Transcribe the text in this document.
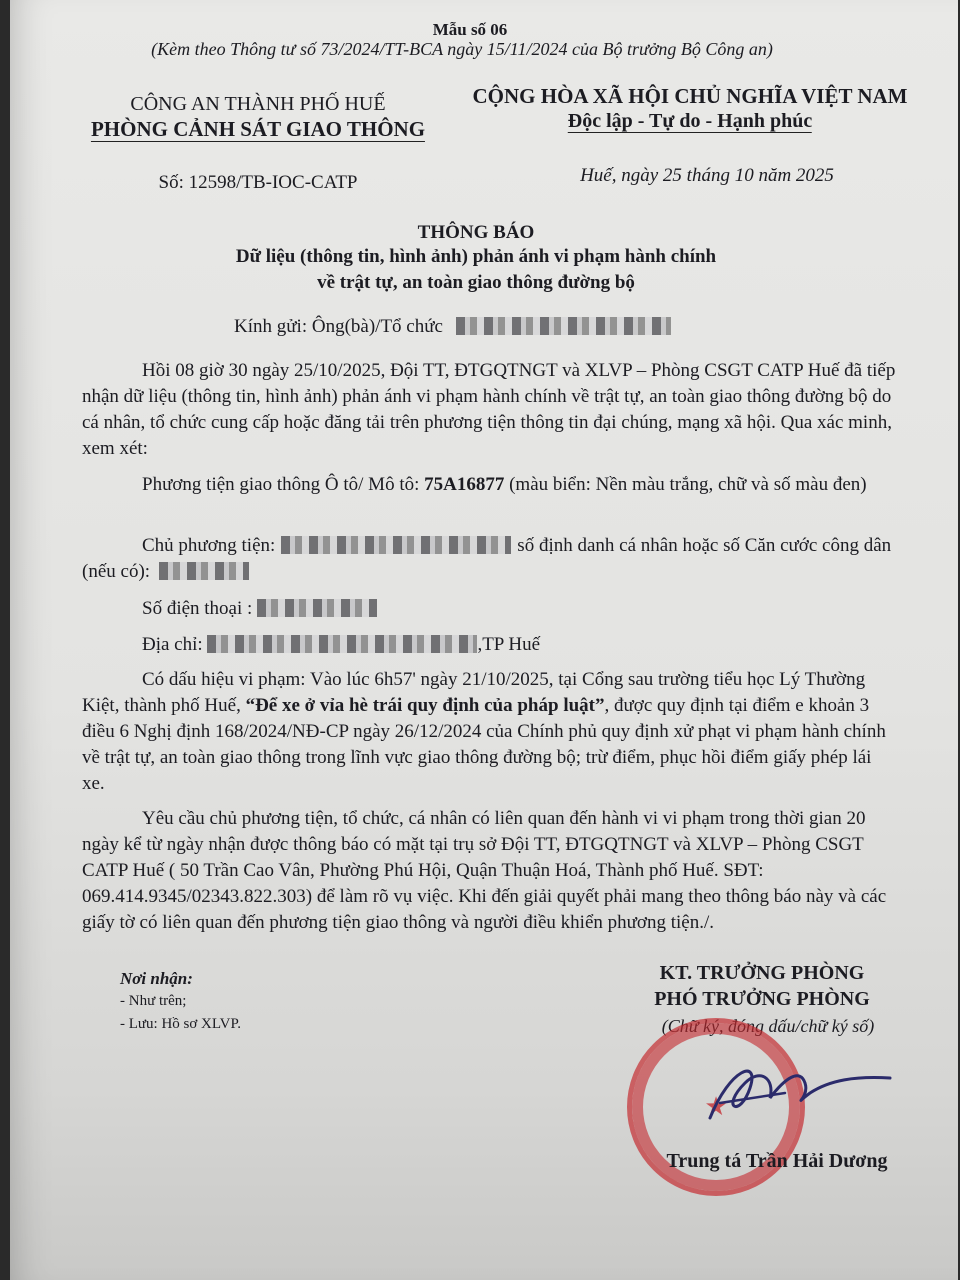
Mẫu số 06
(Kèm theo Thông tư số 73/2024/TT-BCA ngày 15/11/2024 của Bộ trưởng Bộ Công an)
CÔNG AN THÀNH PHỐ HUẾ
PHÒNG CẢNH SÁT GIAO THÔNG
Số: 12598/TB-IOC-CATP
CỘNG HÒA XÃ HỘI CHỦ NGHĨA VIỆT NAM
Độc lập - Tự do - Hạnh phúc
Huế, ngày 25 tháng 10 năm 2025
THÔNG BÁO
Dữ liệu (thông tin, hình ảnh) phản ánh vi phạm hành chính
về trật tự, an toàn giao thông đường bộ
Kính gửi: Ông(bà)/Tổ chức
Hồi 08 giờ 30 ngày 25/10/2025, Đội TT, ĐTGQTNGT và XLVP – Phòng CSGT CATP Huế đã tiếp nhận dữ liệu (thông tin, hình ảnh) phản ánh vi phạm hành chính về trật tự, an toàn giao thông đường bộ do cá nhân, tổ chức cung cấp hoặc đăng tải trên phương tiện thông tin đại chúng, mạng xã hội. Qua xác minh, xem xét:
Phương tiện giao thông Ô tô/ Mô tô: 75A16877 (màu biển: Nền màu trắng, chữ và số màu đen)
Chủ phương tiện:	số định danh cá nhân hoặc số Căn cước công dân (nếu có):
Số điện thoại :
Địa chỉ:	,TP Huế
Có dấu hiệu vi phạm: Vào lúc 6h57' ngày 21/10/2025, tại Cổng sau trường tiểu học Lý Thường Kiệt, thành phố Huế, “Để xe ở vỉa hè trái quy định của pháp luật”, được quy định tại điểm e khoản 3 điều 6 Nghị định 168/2024/NĐ-CP ngày 26/12/2024 của Chính phủ quy định xử phạt vi phạm hành chính về trật tự, an toàn giao thông trong lĩnh vực giao thông đường bộ; trừ điểm, phục hồi điểm giấy phép lái xe.
Yêu cầu chủ phương tiện, tổ chức, cá nhân có liên quan đến hành vi vi phạm trong thời gian 20 ngày kể từ ngày nhận được thông báo có mặt tại trụ sở Đội TT, ĐTGQTNGT và XLVP – Phòng CSGT CATP Huế ( 50 Trần Cao Vân, Phường Phú Hội, Quận Thuận Hoá, Thành phố Huế. SĐT: 069.414.9345/02343.822.303) để làm rõ vụ việc. Khi đến giải quyết phải mang theo thông báo này và các giấy tờ có liên quan đến phương tiện giao thông và người điều khiển phương tiện./.
Nơi nhận:
- Như trên;
- Lưu: Hồ sơ XLVP.
KT. TRƯỞNG PHÒNG
PHÓ TRƯỞNG PHÒNG
(Chữ ký, đóng dấu/chữ ký số)
★
Trung tá Trần Hải Dương
